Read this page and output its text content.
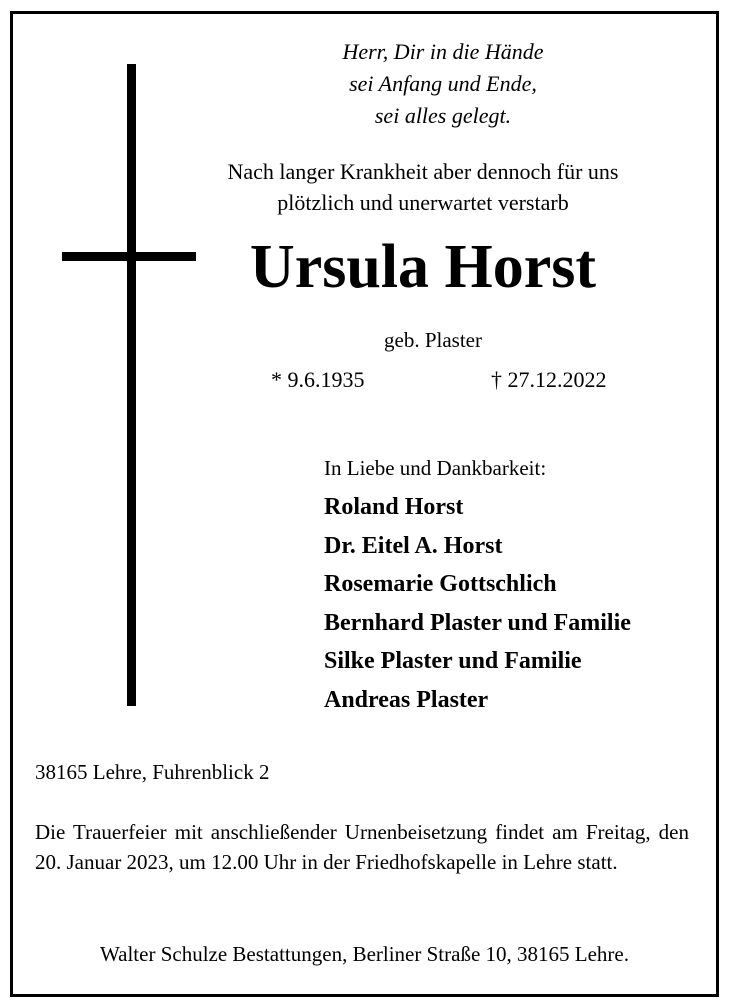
Herr, Dir in die Hände
sei Anfang und Ende,
sei alles gelegt.
Nach langer Krankheit aber dennoch für uns
plötzlich und unerwartet verstarb
Ursula Horst
geb. Plaster
* 9.6.1935	† 27.12.2022
In Liebe und Dankbarkeit:
Roland Horst
Dr. Eitel A. Horst
Rosemarie Gottschlich
Bernhard Plaster und Familie
Silke Plaster und Familie
Andreas Plaster
38165 Lehre, Fuhrenblick 2
Die Trauerfeier mit anschließender Urnenbeisetzung findet am Freitag, den 20. Januar 2023, um 12.00 Uhr in der Friedhofskapelle in Lehre statt.
Walter Schulze Bestattungen, Berliner Straße 10, 38165 Lehre.
